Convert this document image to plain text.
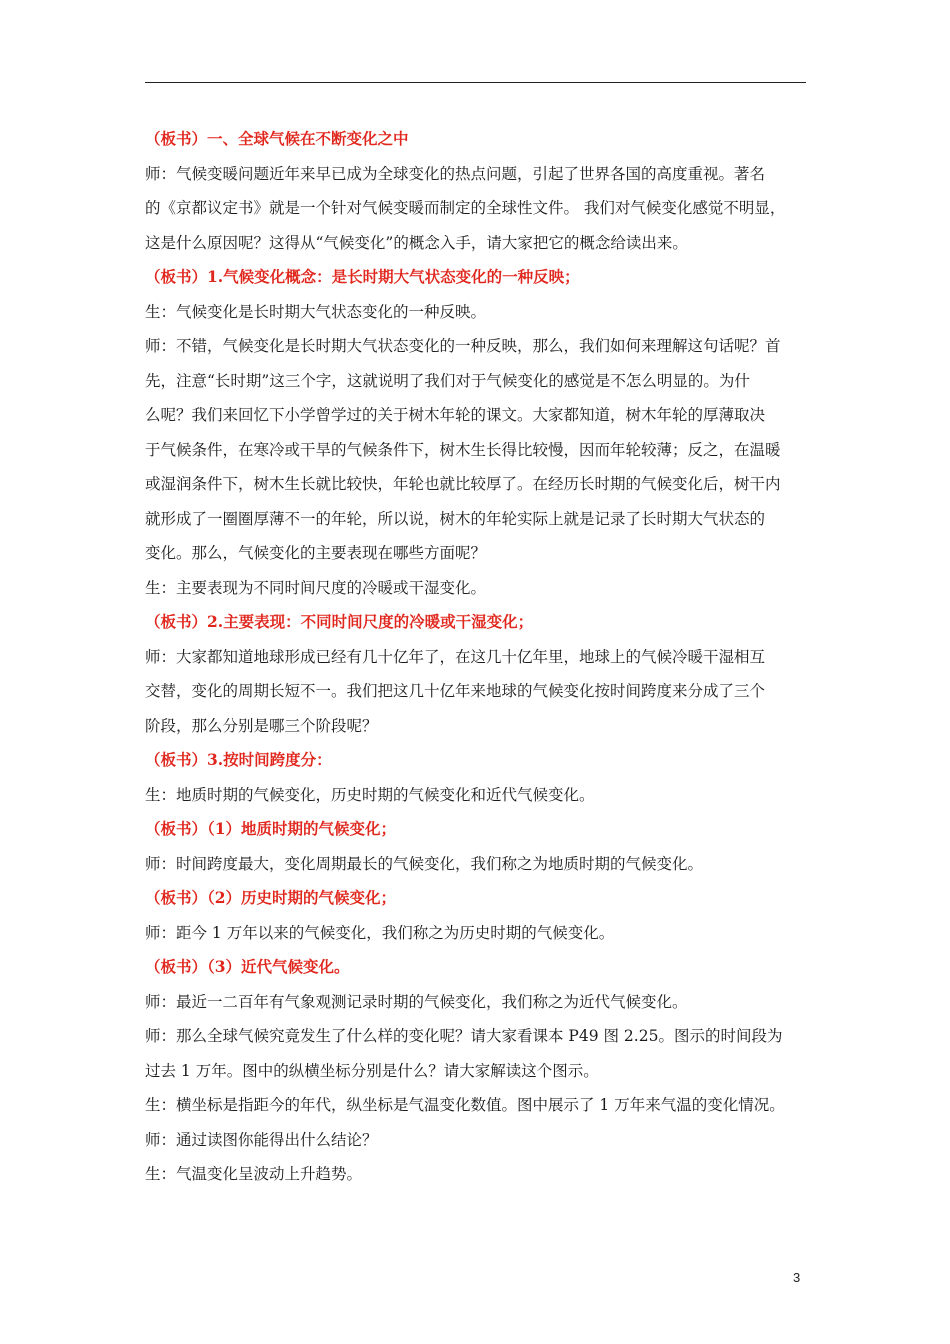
（板书）一、全球气候在不断变化之中
师：气候变暖问题近年来早已成为全球变化的热点问题，引起了世界各国的高度重视。著名
的《京都议定书》就是一个针对气候变暖而制定的全球性文件。 我们对气候变化感觉不明显，
这是什么原因呢？这得从“气候变化”的概念入手，请大家把它的概念给读出来。
（板书）1.气候变化概念：是长时期大气状态变化的一种反映；
生：气候变化是长时期大气状态变化的一种反映。
师：不错，气候变化是长时期大气状态变化的一种反映，那么，我们如何来理解这句话呢？首
先，注意“长时期”这三个字，这就说明了我们对于气候变化的感觉是不怎么明显的。为什
么呢？我们来回忆下小学曾学过的关于树木年轮的课文。大家都知道，树木年轮的厚薄取决
于气候条件，在寒冷或干旱的气候条件下，树木生长得比较慢，因而年轮较薄；反之，在温暖
或湿润条件下，树木生长就比较快，年轮也就比较厚了。在经历长时期的气候变化后，树干内
就形成了一圈圈厚薄不一的年轮，所以说，树木的年轮实际上就是记录了长时期大气状态的
变化。那么，气候变化的主要表现在哪些方面呢？
生：主要表现为不同时间尺度的冷暖或干湿变化。
（板书）2.主要表现：不同时间尺度的冷暖或干湿变化；
师：大家都知道地球形成已经有几十亿年了，在这几十亿年里，地球上的气候冷暖干湿相互
交替，变化的周期长短不一。我们把这几十亿年来地球的气候变化按时间跨度来分成了三个
阶段，那么分别是哪三个阶段呢？
（板书）3.按时间跨度分：
生：地质时期的气候变化，历史时期的气候变化和近代气候变化。
（板书）（1）地质时期的气候变化；
师：时间跨度最大，变化周期最长的气候变化，我们称之为地质时期的气候变化。
（板书）（2）历史时期的气候变化；
师：距今 1 万年以来的气候变化，我们称之为历史时期的气候变化。
（板书）（3）近代气候变化。
师：最近一二百年有气象观测记录时期的气候变化，我们称之为近代气候变化。
师：那么全球气候究竟发生了什么样的变化呢？请大家看课本 P49 图 2.25。图示的时间段为
过去 1 万年。图中的纵横坐标分别是什么？请大家解读这个图示。
生：横坐标是指距今的年代，纵坐标是气温变化数值。图中展示了 1 万年来气温的变化情况。
师：通过读图你能得出什么结论？
生：气温变化呈波动上升趋势。
3
